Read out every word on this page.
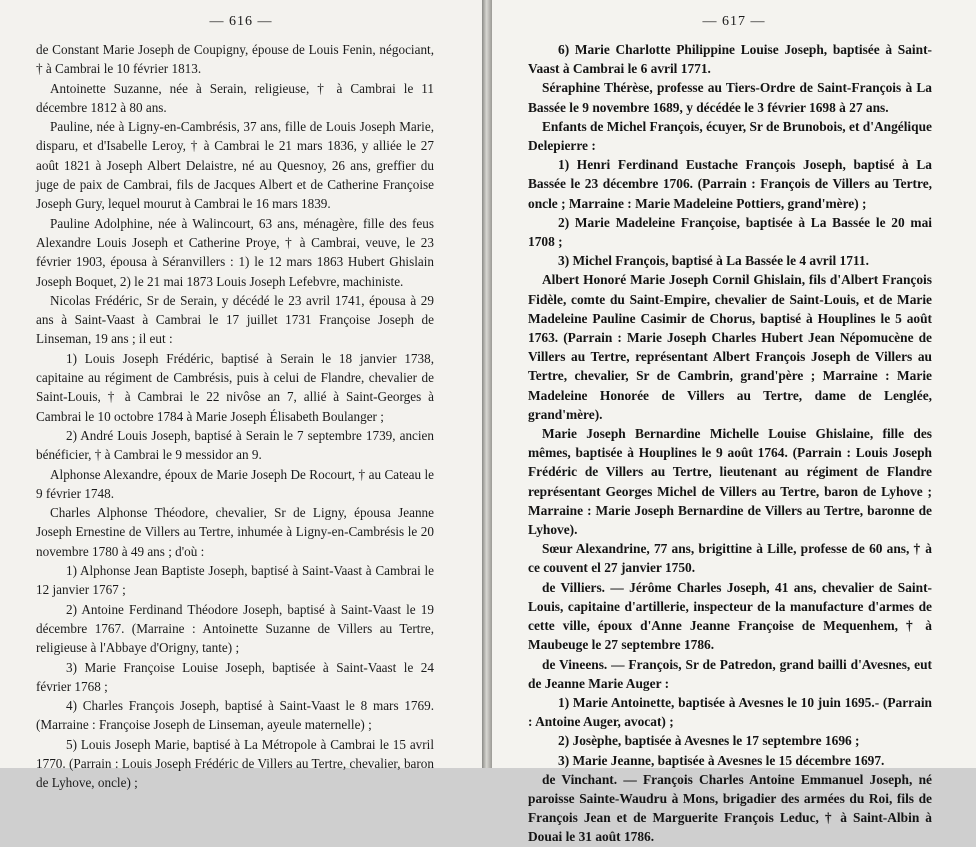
— 616 —

de Constant Marie Joseph de Coupigny, épouse de Louis Fenin, négociant, † à Cambrai le 10 février 1813.

Antoinette Suzanne, née à Serain, religieuse, † à Cambrai le 11 décembre 1812 à 80 ans.

Pauline, née à Ligny-en-Cambrésis, 37 ans, fille de Louis Joseph Marie, disparu, et d'Isabelle Leroy, † à Cambrai le 21 mars 1836, y alliée le 27 août 1821 à Joseph Albert Delaistre, né au Quesnoy, 26 ans, greffier du juge de paix de Cambrai, fils de Jacques Albert et de Catherine Françoise Joseph Gury, lequel mourut à Cambrai le 16 mars 1839.

Pauline Adolphine, née à Walincourt, 63 ans, ménagère, fille des feus Alexandre Louis Joseph et Catherine Proye, † à Cambrai, veuve, le 23 février 1903, épousa à Séranvillers : 1) le 12 mars 1863 Hubert Ghislain Joseph Boquet, 2) le 21 mai 1873 Louis Joseph Lefebvre, machiniste.

Nicolas Frédéric, Sr de Serain, y décédé le 23 avril 1741, épousa à 29 ans à Saint-Vaast à Cambrai le 17 juillet 1731 Françoise Joseph de Linseman, 19 ans ; il eut :

1) Louis Joseph Frédéric, baptisé à Serain le 18 janvier 1738, capitaine au régiment de Cambrésis, puis à celui de Flandre, chevalier de Saint-Louis, † à Cambrai le 22 nivôse an 7, allié à Saint-Georges à Cambrai le 10 octobre 1784 à Marie Joseph Élisabeth Boulanger ;

2) André Louis Joseph, baptisé à Serain le 7 septembre 1739, ancien bénéficier, † à Cambrai le 9 messidor an 9.

Alphonse Alexandre, époux de Marie Joseph De Rocourt, † au Cateau le 9 février 1748.

Charles Alphonse Théodore, chevalier, Sr de Ligny, épousa Jeanne Joseph Ernestine de Villers au Tertre, inhumée à Ligny-en-Cambrésis le 20 novembre 1780 à 49 ans ; d'où :

1) Alphonse Jean Baptiste Joseph, baptisé à Saint-Vaast à Cambrai le 12 janvier 1767 ;

2) Antoine Ferdinand Théodore Joseph, baptisé à Saint-Vaast le 19 décembre 1767. (Marraine : Antoinette Suzanne de Villers au Tertre, religieuse à l'Abbaye d'Origny, tante) ;

3) Marie Françoise Louise Joseph, baptisée à Saint-Vaast le 24 février 1768 ;

4) Charles François Joseph, baptisé à Saint-Vaast le 8 mars 1769. (Marraine : Françoise Joseph de Linseman, ayeule maternelle) ;

5) Louis Joseph Marie, baptisé à La Métropole à Cambrai le 15 avril 1770. (Parrain : Louis Joseph Frédéric de Villers au Tertre, chevalier, baron de Lyhove, oncle) ;

— 617 —

6) Marie Charlotte Philippine Louise Joseph, baptisée à Saint-Vaast à Cambrai le 6 avril 1771.

Séraphine Thérèse, professe au Tiers-Ordre de Saint-François à La Bassée le 9 novembre 1689, y décédée le 3 février 1698 à 27 ans.

Enfants de Michel François, écuyer, Sr de Brunobois, et d'Angélique Delepierre :

1) Henri Ferdinand Eustache François Joseph, baptisé à La Bassée le 23 décembre 1706. (Parrain : François de Villers au Tertre, oncle ; Marraine : Marie Madeleine Pottiers, grand'mère) ;

2) Marie Madeleine Françoise, baptisée à La Bassée le 20 mai 1708 ;

3) Michel François, baptisé à La Bassée le 4 avril 1711.

Albert Honoré Marie Joseph Cornil Ghislain, fils d'Albert François Fidèle, comte du Saint-Empire, chevalier de Saint-Louis, et de Marie Madeleine Pauline Casimir de Chorus, baptisé à Houplines le 5 août 1763. (Parrain : Marie Joseph Charles Hubert Jean Népomucène de Villers au Tertre, représentant Albert François Joseph de Villers au Tertre, chevalier, Sr de Cambrin, grand'père ; Marraine : Marie Madeleine Honorée de Villers au Tertre, dame de Lenglée, grand'mère).

Marie Joseph Bernardine Michelle Louise Ghislaine, fille des mêmes, baptisée à Houplines le 9 août 1764. (Parrain : Louis Joseph Frédéric de Villers au Tertre, lieutenant au régiment de Flandre représentant Georges Michel de Villers au Tertre, baron de Lyhove ; Marraine : Marie Joseph Bernardine de Villers au Tertre, baronne de Lyhove).

Sœur Alexandrine, 77 ans, brigittine à Lille, professe de 60 ans, † à ce couvent el 27 janvier 1750.

de Villiers. — Jérôme Charles Joseph, 41 ans, chevalier de Saint-Louis, capitaine d'artillerie, inspecteur de la manufacture d'armes de cette ville, époux d'Anne Jeanne Françoise de Mequenhem, † à Maubeuge le 27 septembre 1786.

de Vineens. — François, Sr de Patredon, grand bailli d'Avesnes, eut de Jeanne Marie Auger :

1) Marie Antoinette, baptisée à Avesnes le 10 juin 1695.- (Parrain : Antoine Auger, avocat) ;

2) Josèphe, baptisée à Avesnes le 17 septembre 1696 ;

3) Marie Jeanne, baptisée à Avesnes le 15 décembre 1697.

de Vinchant. — François Charles Antoine Emmanuel Joseph, né paroisse Sainte-Waudru à Mons, brigadier des armées du Roi, fils de François Jean et de Marguerite François Leduc, † à Saint-Albin à Douai le 31 août 1786.
